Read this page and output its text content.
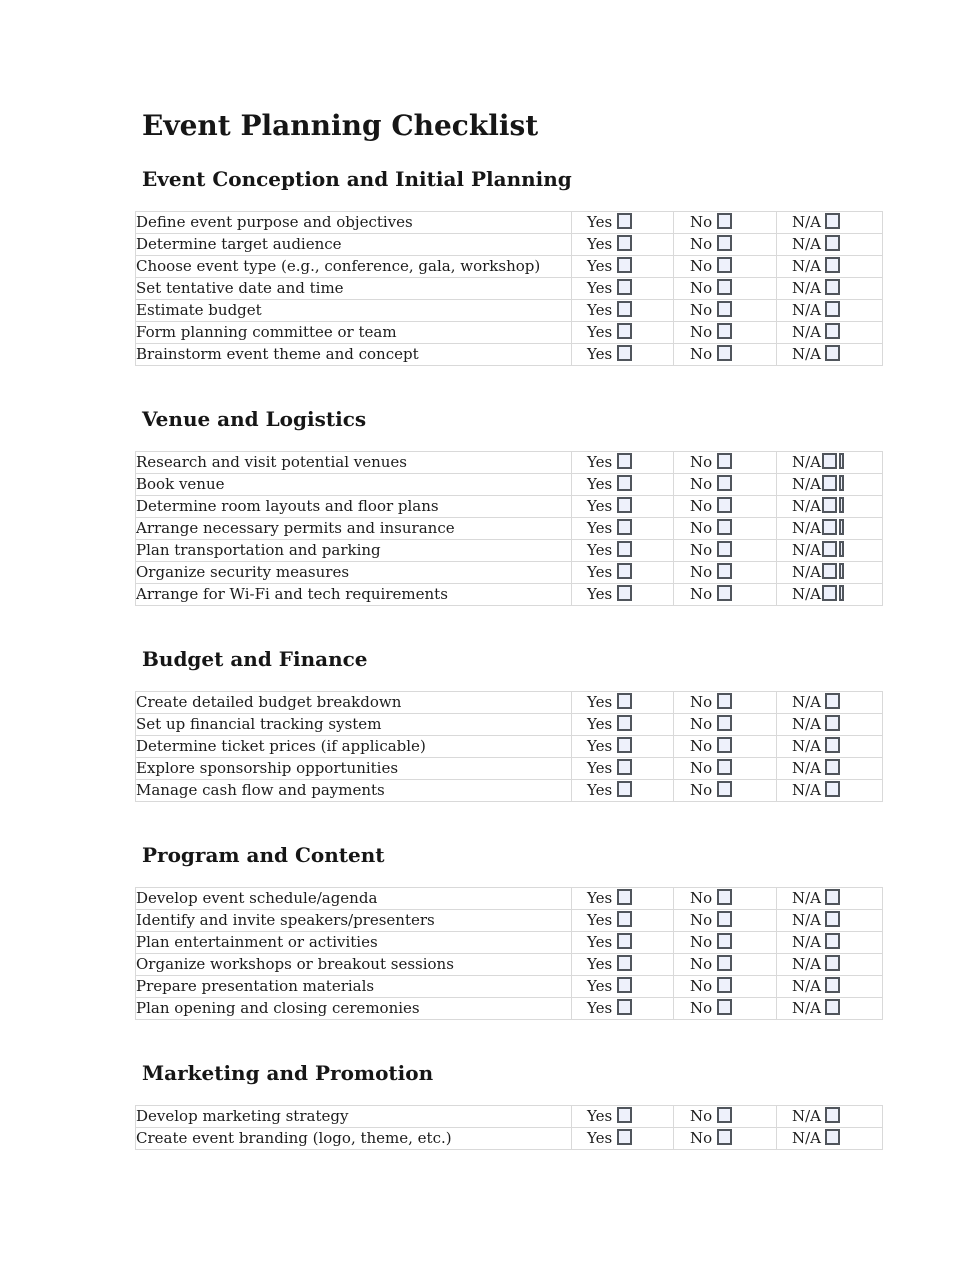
Event Planning Checklist
Event Conception and Initial Planning
Define event purpose and objectives	Yes	No	N/A
Determine target audience	Yes	No	N/A
Choose event type (e.g., conference, gala, workshop)	Yes	No	N/A
Set tentative date and time	Yes	No	N/A
Estimate budget	Yes	No	N/A
Form planning committee or team	Yes	No	N/A
Brainstorm event theme and concept	Yes	No	N/A
Venue and Logistics
Research and visit potential venues	Yes	No	N/A
Book venue	Yes	No	N/A
Determine room layouts and floor plans	Yes	No	N/A
Arrange necessary permits and insurance	Yes	No	N/A
Plan transportation and parking	Yes	No	N/A
Organize security measures	Yes	No	N/A
Arrange for Wi-Fi and tech requirements	Yes	No	N/A
Budget and Finance
Create detailed budget breakdown	Yes	No	N/A
Set up financial tracking system	Yes	No	N/A
Determine ticket prices (if applicable)	Yes	No	N/A
Explore sponsorship opportunities	Yes	No	N/A
Manage cash flow and payments	Yes	No	N/A
Program and Content
Develop event schedule/agenda	Yes	No	N/A
Identify and invite speakers/presenters	Yes	No	N/A
Plan entertainment or activities	Yes	No	N/A
Organize workshops or breakout sessions	Yes	No	N/A
Prepare presentation materials	Yes	No	N/A
Plan opening and closing ceremonies	Yes	No	N/A
Marketing and Promotion
Develop marketing strategy	Yes	No	N/A
Create event branding (logo, theme, etc.)	Yes	No	N/A
